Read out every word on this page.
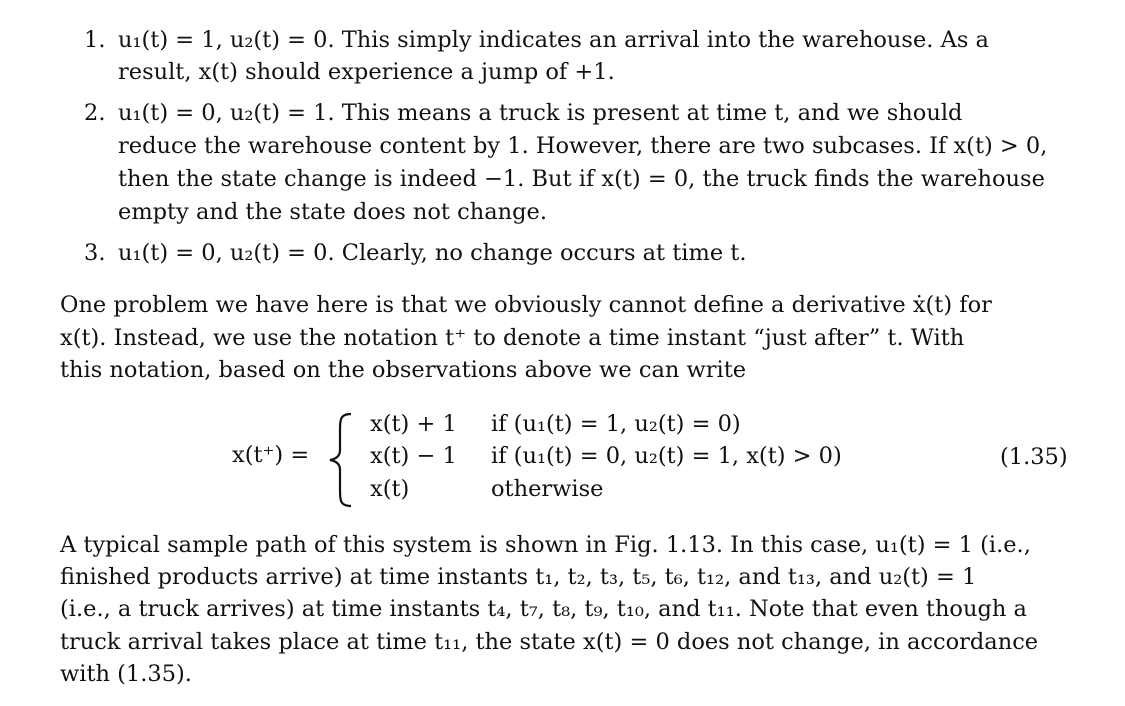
1. u₁(t) = 1, u₂(t) = 0. This simply indicates an arrival into the warehouse. As a
result, x(t) should experience a jump of +1.
2. u₁(t) = 0, u₂(t) = 1. This means a truck is present at time t, and we should
reduce the warehouse content by 1. However, there are two subcases. If x(t) > 0,
then the state change is indeed −1. But if x(t) = 0, the truck finds the warehouse
empty and the state does not change.
3. u₁(t) = 0, u₂(t) = 0. Clearly, no change occurs at time t.
One problem we have here is that we obviously cannot define a derivative ẋ(t) for
x(t). Instead, we use the notation t⁺ to denote a time instant “just after” t. With
this notation, based on the observations above we can write
x(t⁺) =
x(t) + 1 if (u₁(t) = 1, u₂(t) = 0)
x(t) − 1 if (u₁(t) = 0, u₂(t) = 1, x(t) > 0)
x(t)	otherwise
(1.35)
A typical sample path of this system is shown in Fig. 1.13. In this case, u₁(t) = 1 (i.e.,
finished products arrive) at time instants t₁, t₂, t₃, t₅, t₆, t₁₂, and t₁₃, and u₂(t) = 1
(i.e., a truck arrives) at time instants t₄, t₇, t₈, t₉, t₁₀, and t₁₁. Note that even though a
truck arrival takes place at time t₁₁, the state x(t) = 0 does not change, in accordance
with (1.35).
